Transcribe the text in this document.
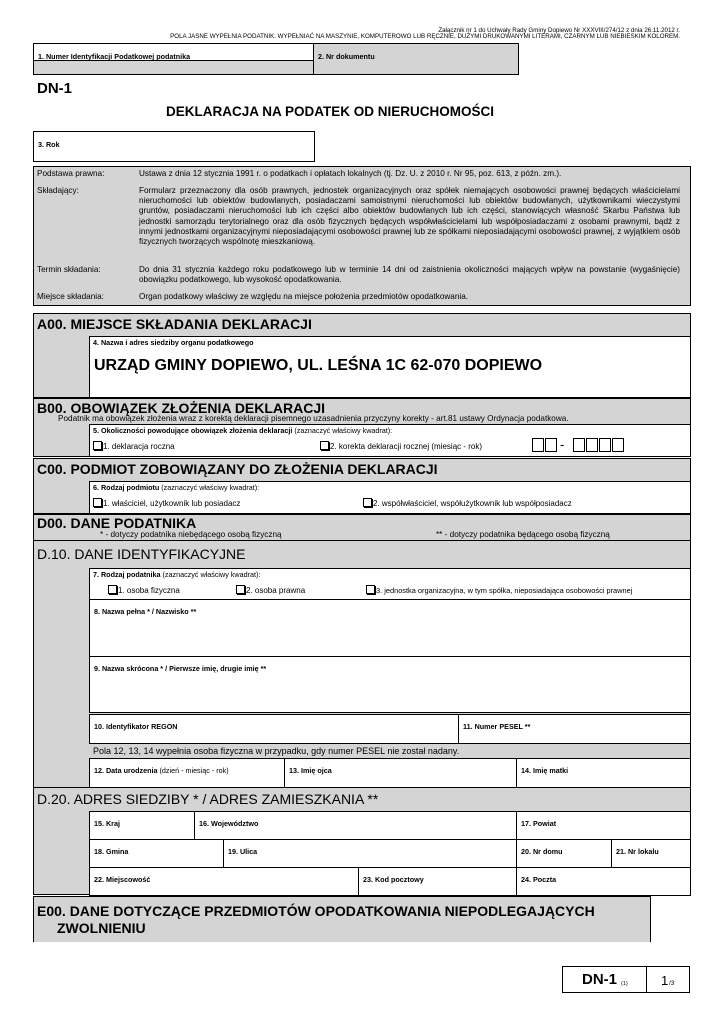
Załącznik nr 1 do Uchwały Rady Gminy Dopiewo Nr XXXVIII/274/12 z dnia 26.11.2012 r.
POLA JASNE WYPEŁNIA PODATNIK. WYPEŁNIAĆ NA MASZYNIE, KOMPUTEROWO LUB RĘCZNIE, DUŻYMI DRUKOWANYMI LITERAMI, CZARNYM LUB NIEBIESKIM KOLOREM.
1. Numer Identyfikacji Podatkowej podatnika	2. Nr dokumentu
DN-1
DEKLARACJA NA PODATEK OD NIERUCHOMOŚCI
3. Rok
Podstawa prawna:	Ustawa z dnia 12 stycznia 1991 r. o podatkach i opłatach lokalnych (tj. Dz. U. z 2010 r. Nr 95, poz. 613, z późn. zm.).
Składający:	Formularz przeznaczony dla osób prawnych, jednostek organizacyjnych oraz spółek niemających osobowości prawnej będących właścicielami nieruchomości lub obiektów budowlanych, posiadaczami samoistnymi nieruchomości lub obiektów budowlanych, użytkownikami wieczystymi gruntów, posiadaczami nieruchomości lub ich części albo obiektów budowlanych lub ich części, stanowiących własność Skarbu Państwa lub jednostki samorządu terytorialnego oraz dla osób fizycznych będących współwłaścicielami lub współposiadaczami z osobami prawnymi, bądź z innymi jednostkami organizacyjnymi nieposiadającymi osobowości prawnej lub ze spółkami nieposiadającymi osobowości prawnej, z wyjątkiem osób fizycznych tworzących wspólnotę mieszkaniową.
Termin składania:	Do dnia 31 stycznia każdego roku podatkowego lub w terminie 14 dni od zaistnienia okoliczności mających wpływ na powstanie (wygaśnięcie) obowiązku podatkowego, lub wysokość opodatkowania.
Miejsce składania:	Organ podatkowy właściwy ze względu na miejsce położenia przedmiotów opodatkowania.
A00. MIEJSCE SKŁADANIA DEKLARACJI
4. Nazwa i adres siedziby organu podatkowego
URZĄD GMINY DOPIEWO, UL. LEŚNA 1C 62-070 DOPIEWO
B00. OBOWIĄZEK ZŁOŻENIA DEKLARACJI
Podatnik ma obowiązek złożenia wraz z korektą deklaracji pisemnego uzasadnienia przyczyny korekty - art.81 ustawy Ordynacja podatkowa.
5. Okoliczności powodujące obowiązek złożenia deklaracji (zaznaczyć właściwy kwadrat):
1. deklaracja roczna	2. korekta deklaracji rocznej (miesiąc - rok)	-
C00. PODMIOT ZOBOWIĄZANY DO ZŁOŻENIA DEKLARACJI
6. Rodzaj podmiotu (zaznaczyć właściwy kwadrat):
1. właściciel, użytkownik lub posiadacz	2. współwłaściciel, współużytkownik lub współposiadacz
D00. DANE PODATNIKA
* - dotyczy podatnika niebędącego osobą fizyczną	** - dotyczy podatnika będącego osobą fizyczną
D.10. DANE IDENTYFIKACYJNE
7. Rodzaj podatnika (zaznaczyć właściwy kwadrat):
1. osoba fizyczna	2. osoba prawna	3. jednostka organizacyjna, w tym spółka, nieposiadająca osobowości prawnej
8. Nazwa pełna * / Nazwisko **
9. Nazwa skrócona * / Pierwsze imię, drugie imię **
10. Identyfikator REGON	11. Numer PESEL **
Pola 12, 13, 14 wypełnia osoba fizyczna w przypadku, gdy numer PESEL nie został nadany.
12. Data urodzenia (dzień - miesiąc - rok)	13. Imię ojca	14. Imię matki
D.20. ADRES SIEDZIBY * / ADRES ZAMIESZKANIA **
15. Kraj	16. Województwo	17. Powiat
18. Gmina	19. Ulica	20. Nr domu	21. Nr lokalu
22. Miejscowość	23. Kod pocztowy	24. Poczta
E00. DANE DOTYCZĄCE PRZEDMIOTÓW OPODATKOWANIA NIEPODLEGAJĄCYCH
ZWOLNIENIU
DN-1 (1)	1 /3
